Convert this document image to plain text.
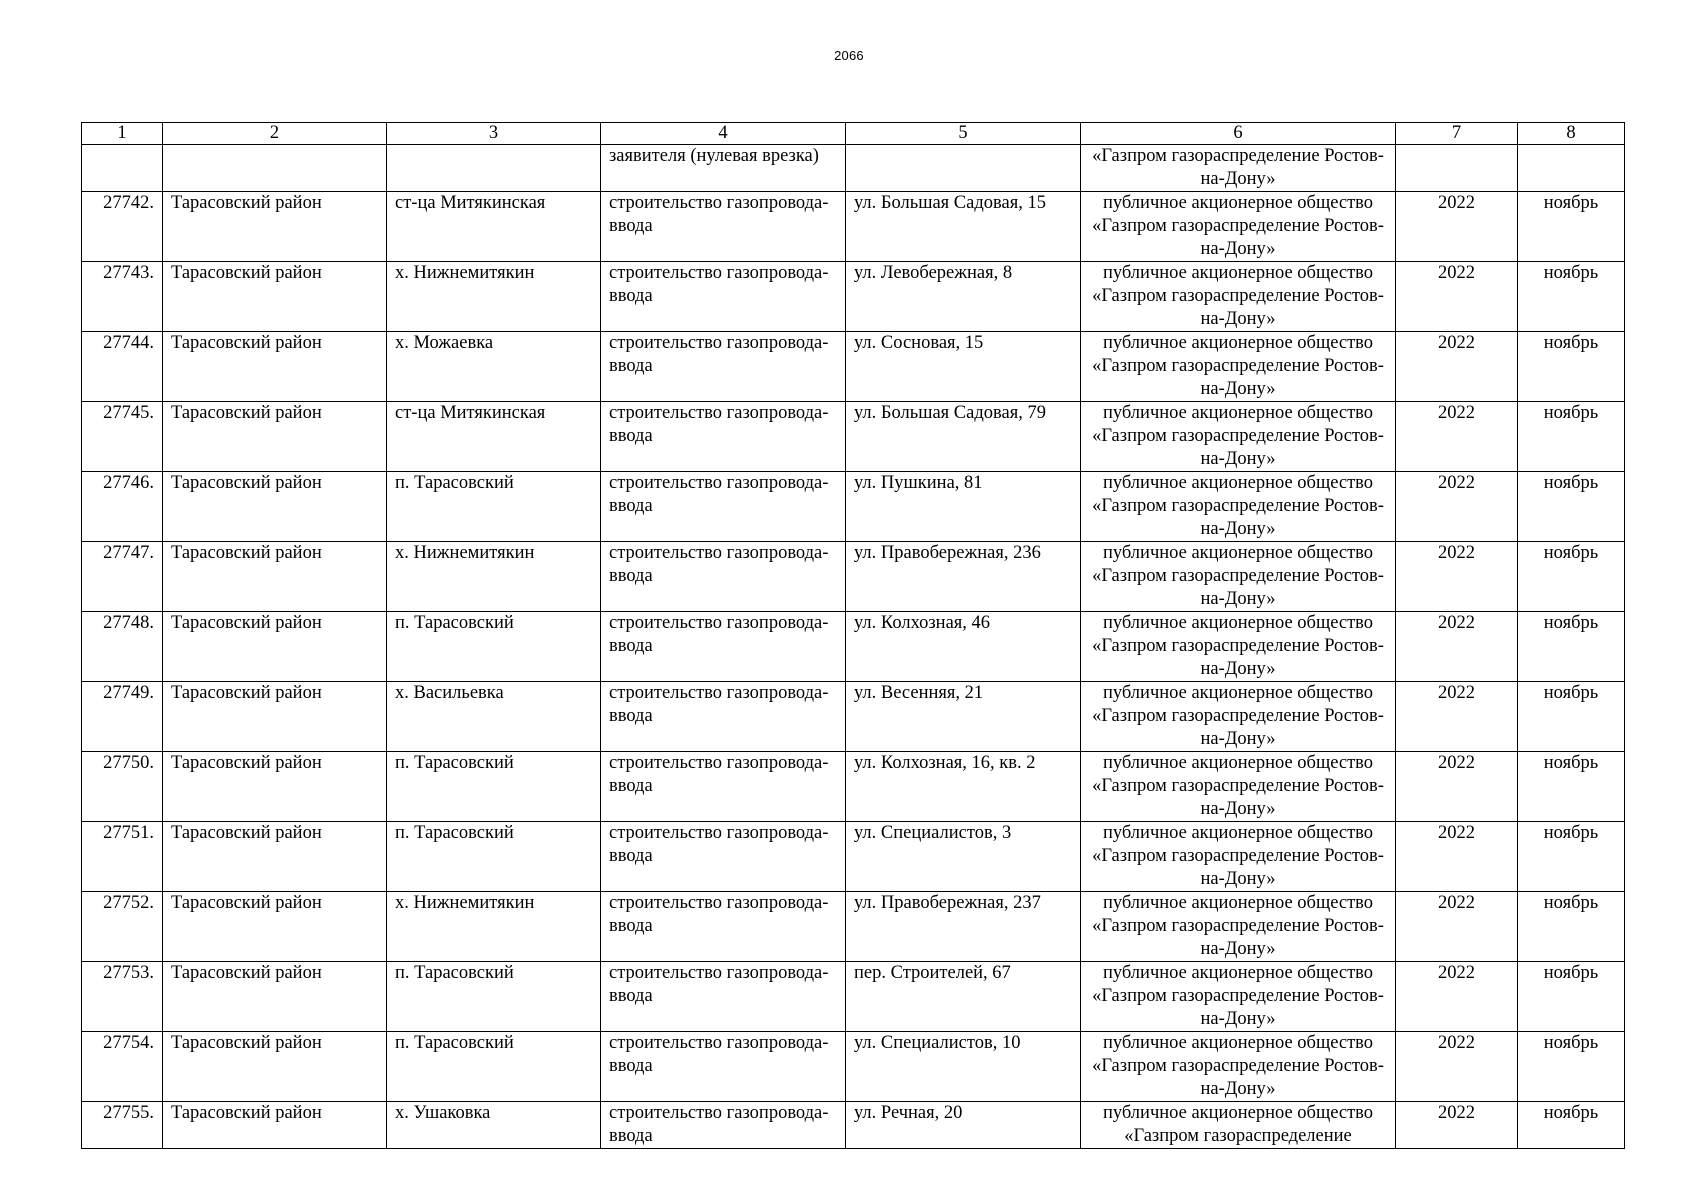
2066
1	2	3	4	5	6	7	8
			заявителя (нулевая врезка)		«Газпром газораспределение Ростов-на-Дону»		
27742.	Тарасовский район	ст-ца Митякинская	строительство газопровода-ввода	ул. Большая Садовая, 15	публичное акционерное общество «Газпром газораспределение Ростов-на-Дону»	2022	ноябрь
27743.	Тарасовский район	х. Нижнемитякин	строительство газопровода-ввода	ул. Левобережная, 8	публичное акционерное общество «Газпром газораспределение Ростов-на-Дону»	2022	ноябрь
27744.	Тарасовский район	х. Можаевка	строительство газопровода-ввода	ул. Сосновая, 15	публичное акционерное общество «Газпром газораспределение Ростов-на-Дону»	2022	ноябрь
27745.	Тарасовский район	ст-ца Митякинская	строительство газопровода-ввода	ул. Большая Садовая, 79	публичное акционерное общество «Газпром газораспределение Ростов-на-Дону»	2022	ноябрь
27746.	Тарасовский район	п. Тарасовский	строительство газопровода-ввода	ул. Пушкина, 81	публичное акционерное общество «Газпром газораспределение Ростов-на-Дону»	2022	ноябрь
27747.	Тарасовский район	х. Нижнемитякин	строительство газопровода-ввода	ул. Правобережная, 236	публичное акционерное общество «Газпром газораспределение Ростов-на-Дону»	2022	ноябрь
27748.	Тарасовский район	п. Тарасовский	строительство газопровода-ввода	ул. Колхозная, 46	публичное акционерное общество «Газпром газораспределение Ростов-на-Дону»	2022	ноябрь
27749.	Тарасовский район	х. Васильевка	строительство газопровода-ввода	ул. Весенняя, 21	публичное акционерное общество «Газпром газораспределение Ростов-на-Дону»	2022	ноябрь
27750.	Тарасовский район	п. Тарасовский	строительство газопровода-ввода	ул. Колхозная, 16, кв. 2	публичное акционерное общество «Газпром газораспределение Ростов-на-Дону»	2022	ноябрь
27751.	Тарасовский район	п. Тарасовский	строительство газопровода-ввода	ул. Специалистов, 3	публичное акционерное общество «Газпром газораспределение Ростов-на-Дону»	2022	ноябрь
27752.	Тарасовский район	х. Нижнемитякин	строительство газопровода-ввода	ул. Правобережная, 237	публичное акционерное общество «Газпром газораспределение Ростов-на-Дону»	2022	ноябрь
27753.	Тарасовский район	п. Тарасовский	строительство газопровода-ввода	пер. Строителей, 67	публичное акционерное общество «Газпром газораспределение Ростов-на-Дону»	2022	ноябрь
27754.	Тарасовский район	п. Тарасовский	строительство газопровода-ввода	ул. Специалистов, 10	публичное акционерное общество «Газпром газораспределение Ростов-на-Дону»	2022	ноябрь
27755.	Тарасовский район	х. Ушаковка	строительство газопровода-ввода	ул. Речная, 20	публичное акционерное общество «Газпром газораспределение	2022	ноябрь
